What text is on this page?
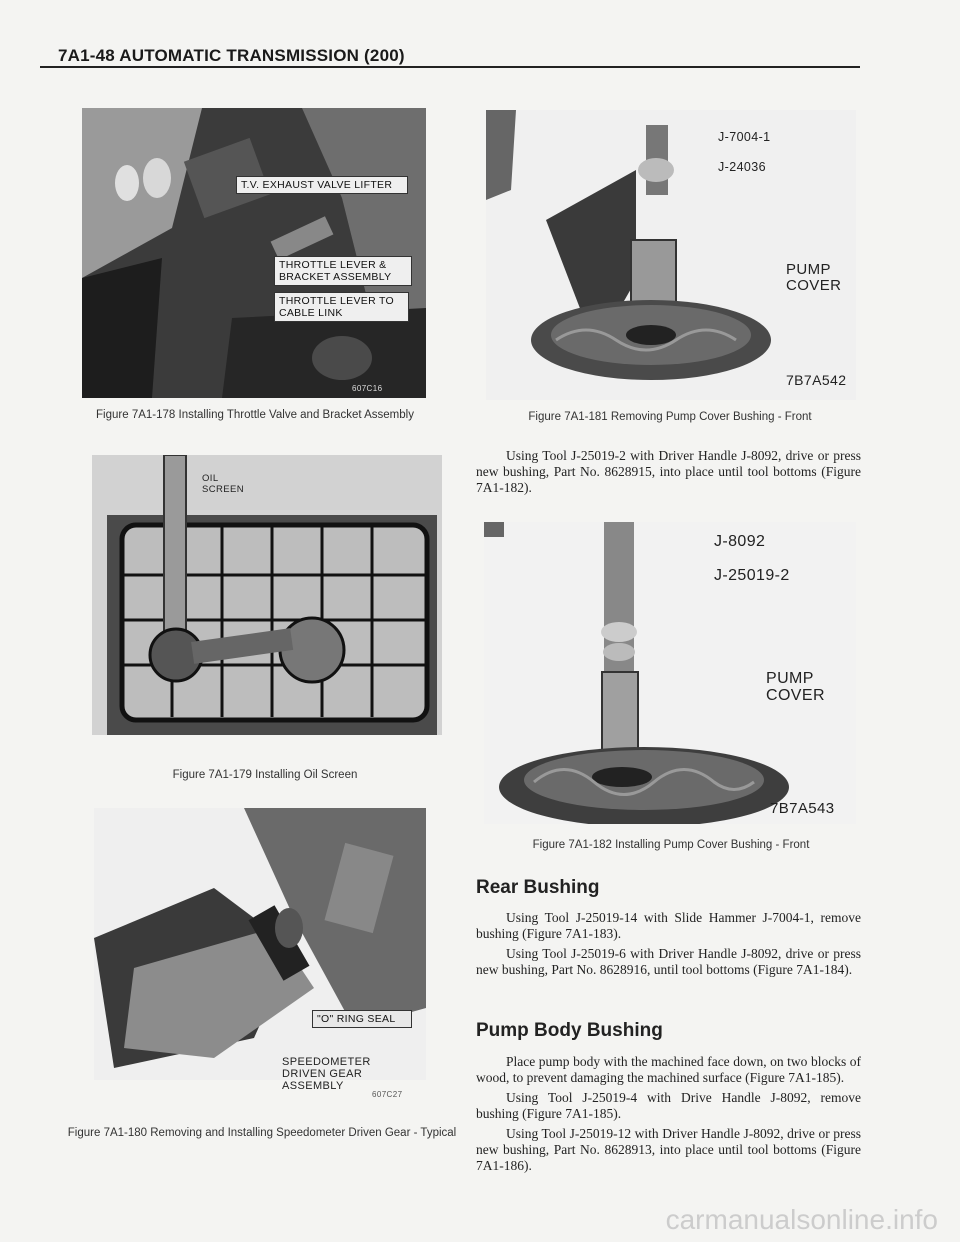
7A1-48 AUTOMATIC TRANSMISSION (200)
T.V. EXHAUST VALVE LIFTER
THROTTLE LEVER & BRACKET ASSEMBLY
THROTTLE LEVER TO CABLE LINK
607C16
Figure 7A1-178 Installing Throttle Valve and Bracket Assembly
OIL SCREEN
Figure 7A1-179 Installing Oil Screen
"O" RING SEAL
SPEEDOMETER DRIVEN GEAR ASSEMBLY
607C27
Figure 7A1-180 Removing and Installing Speedometer Driven Gear - Typical
J-7004-1
J-24036
PUMP COVER
7B7A542
Figure 7A1-181 Removing Pump Cover Bushing - Front

Using Tool J-25019-2 with Driver Handle J-8092, drive or press new bushing, Part No. 8628915, into place until tool bottoms (Figure 7A1-182).

J-8092
J-25019-2
PUMP COVER
7B7A543
Figure 7A1-182 Installing Pump Cover Bushing - Front
Rear Bushing

Using Tool J-25019-14 with Slide Hammer J-7004-1, remove bushing (Figure 7A1-183).

Using Tool J-25019-6 with Driver Handle J-8092, drive or press new bushing, Part No. 8628916, until tool bottoms (Figure 7A1-184).

Pump Body Bushing

Place pump body with the machined face down, on two blocks of wood, to prevent damaging the machined surface (Figure 7A1-185).

Using Tool J-25019-4 with Drive Handle J-8092, remove bushing (Figure 7A1-185).

Using Tool J-25019-12 with Driver Handle J-8092, drive or press new bushing, Part No. 8628913, into place until tool bottoms (Figure 7A1-186).

carmanualsonline.info
